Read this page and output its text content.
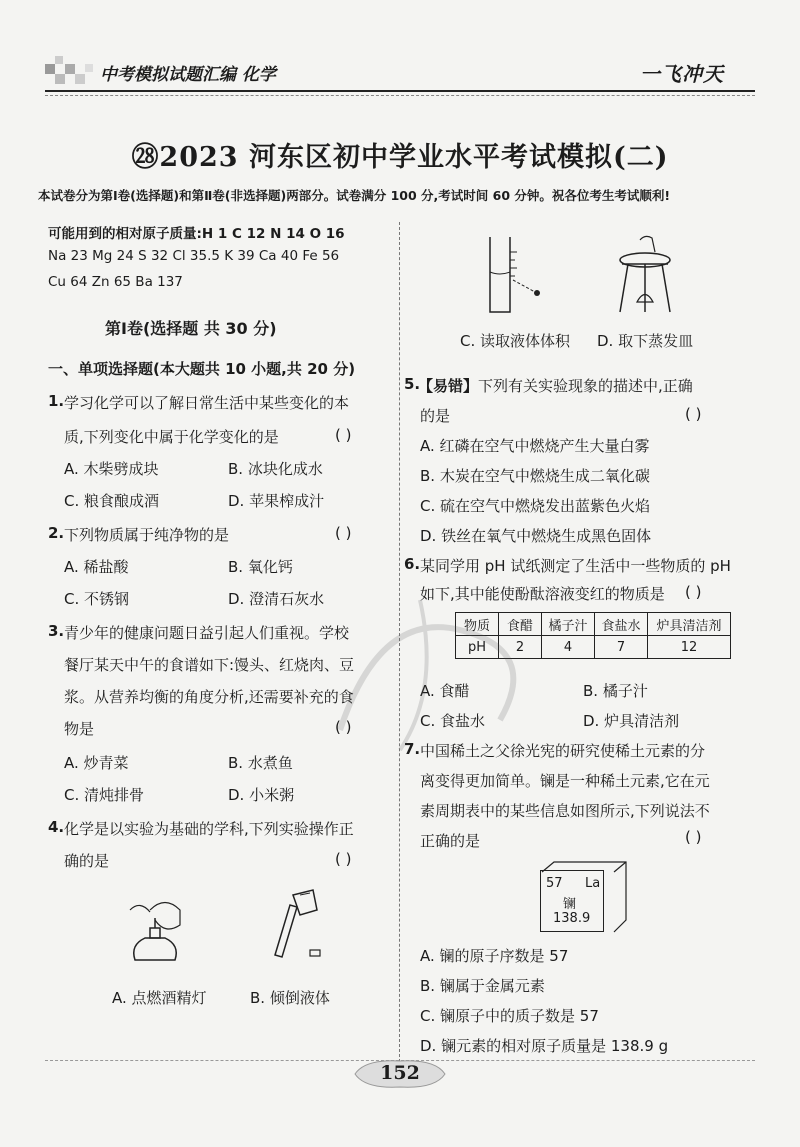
中考模拟试题汇编 化学	一飞冲天
㉘2023 河东区初中学业水平考试模拟(二)
本试卷分为第Ⅰ卷(选择题)和第Ⅱ卷(非选择题)两部分。试卷满分 100 分,考试时间 60 分钟。祝各位考生考试顺利!
可能用到的相对原子质量:H 1 C 12 N 14 O 16
Na 23 Mg 24 S 32 Cl 35.5 K 39 Ca 40 Fe 56
Cu 64 Zn 65 Ba 137
第Ⅰ卷(选择题 共 30 分)
一、单项选择题(本大题共 10 小题,共 20 分)
1. 学习化学可以了解日常生活中某些变化的本
质,下列变化中属于化学变化的是	( )
A. 木柴劈成块	B. 冰块化成水
C. 粮食酿成酒	D. 苹果榨成汁
2. 下列物质属于纯净物的是	( )
A. 稀盐酸	B. 氧化钙
C. 不锈钢	D. 澄清石灰水
3. 青少年的健康问题日益引起人们重视。学校
餐厅某天中午的食谱如下:馒头、红烧肉、豆
浆。从营养均衡的角度分析,还需要补充的食
物是	( )
A. 炒青菜	B. 水煮鱼
C. 清炖排骨	D. 小米粥
4. 化学是以实验为基础的学科,下列实验操作正
确的是	( )
A. 点燃酒精灯	B. 倾倒液体
C. 读取液体体积 D. 取下蒸发皿
5.
【易错】 下列有关实验现象的描述中,正确
的是	( )
A. 红磷在空气中燃烧产生大量白雾
B. 木炭在空气中燃烧生成二氧化碳
C. 硫在空气中燃烧发出蓝紫色火焰
D. 铁丝在氧气中燃烧生成黑色固体
6. 某同学用 pH 试纸测定了生活中一些物质的 pH
如下,其中能使酚酞溶液变红的物质是 ( )
物质	食醋	橘子汁	食盐水	炉具清洁剂
pH	2	4	7	12
A. 食醋	B. 橘子汁
C. 食盐水	D. 炉具清洁剂
7. 中国稀土之父徐光宪的研究使稀土元素的分
离变得更加简单。镧是一种稀土元素,它在元
素周期表中的某些信息如图所示,下列说法不
正确的是	( )
57 La
镧
138.9
A. 镧的原子序数是 57
B. 镧属于金属元素
C. 镧原子中的质子数是 57
D. 镧元素的相对原子质量是 138.9 g
152
